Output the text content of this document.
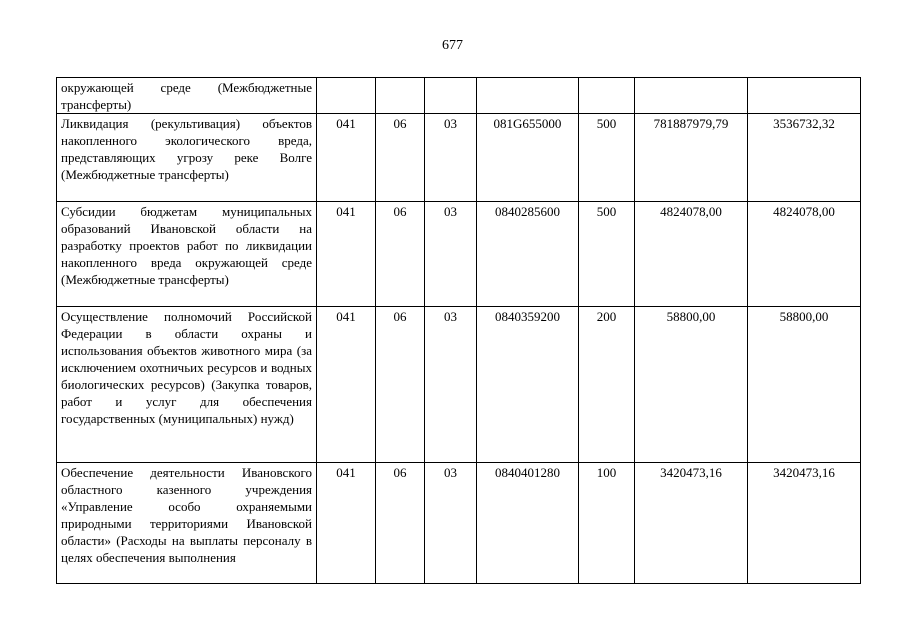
677
окружающей среде (Межбюджетные трансферты)							
Ликвидация (рекультивация) объектов накопленного экологического вреда, представляющих угрозу реке Волге (Межбюджетные трансферты)	041	06	03	081G655000	500	781887979,79	3536732,32
Субсидии бюджетам муниципальных образований Ивановской области на разработку проектов работ по ликвидации накопленного вреда окружающей среде (Межбюджетные трансферты)	041	06	03	0840285600	500	4824078,00	4824078,00
Осуществление полномочий Российской Федерации в области охраны и использования объектов животного мира (за исключением охотничьих ресурсов и водных биологических ресурсов) (Закупка товаров, работ и услуг для обеспечения государственных (муниципальных) нужд)	041	06	03	0840359200	200	58800,00	58800,00
Обеспечение деятельности Ивановского областного казенного учреждения «Управление особо охраняемыми природными территориями Ивановской области» (Расходы на выплаты персоналу в целях обеспечения выполнения	041	06	03	0840401280	100	3420473,16	3420473,16
